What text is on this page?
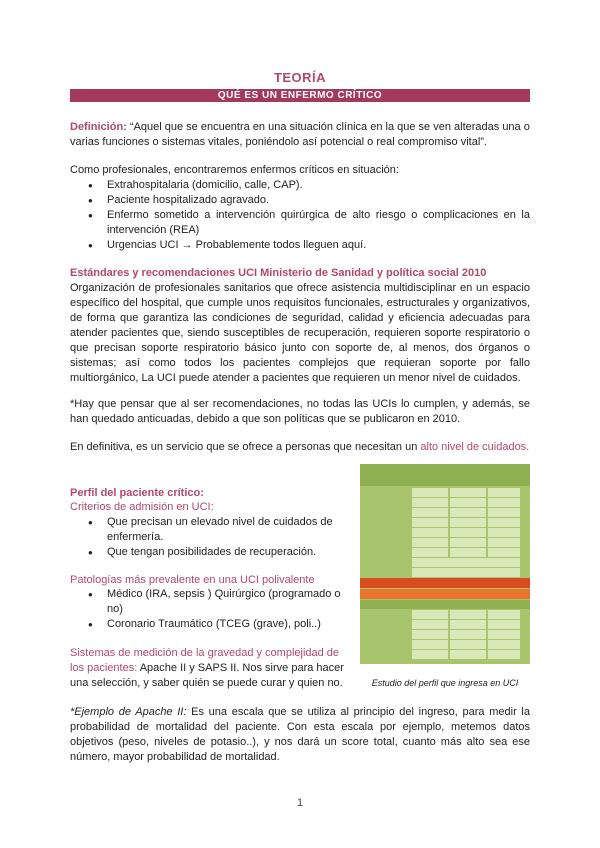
TEORÍA
QUÉ ES UN ENFERMO CRÍTICO
Definición: “Aquel que se encuentra en una situación clínica en la que se ven alteradas una o varias funciones o sistemas vitales, poniéndolo así potencial o real compromiso vital”.
Como profesionales, encontraremos enfermos críticos en situación:
● Extrahospitalaria (domicilio, calle, CAP).
● Paciente hospitalizado agravado.
● Enfermo sometido a intervención quirúrgica de alto riesgo o complicaciones en la intervención (REA)
● Urgencias UCI → Probablemente todos lleguen aquí.
Estándares y recomendaciones UCI Ministerio de Sanidad y política social 2010
Organización de profesionales sanitarios que ofrece asistencia multidisciplinar en un espacio específico del hospital, que cumple unos requisitos funcionales, estructurales y organizativos, de forma que garantiza las condiciones de seguridad, calidad y eficiencia adecuadas para atender pacientes que, siendo susceptibles de recuperación, requieren soporte respiratorio o que precisan soporte respiratorio básico junto con soporte de, al menos, dos órganos o sistemas; así como todos los pacientes complejos que requieran soporte por fallo multiorgánico, La UCI puede atender a pacientes que requieren un menor nivel de cuidados.
*Hay que pensar que al ser recomendaciones, no todas las UCIs lo cumplen, y además, se han quedado anticuadas, debido a que son políticas que se publicaron en 2010.
En definitiva, es un servicio que se ofrece a personas que necesitan un alto nivel de cuidados.
Perfil del paciente crítico:
Criterios de admisión en UCI:
● Que precisan un elevado nivel de cuidados de enfermería.
● Que tengan posibilidades de recuperación.
Patologías más prevalente en una UCI polivalente
● Médico (IRA, sepsis ) Quirúrgico (programado o no)
● Coronario Traumático (TCEG (grave), poli..)
Sistemas de medición de la gravedad y complejidad de los pacientes: Apache II y SAPS II. Nos sirve para hacer una selección, y saber quién se puede curar y quien no.	Estudio del perfil que ingresa en UCI
*Ejemplo de Apache II: Es una escala que se utiliza al principio del ingreso, para medir la probabilidad de mortalidad del paciente. Con esta escala por ejemplo, metemos datos objetivos (peso, niveles de potasio..), y nos dará un score total, cuanto más alto sea ese número, mayor probabilidad de mortalidad.
1
